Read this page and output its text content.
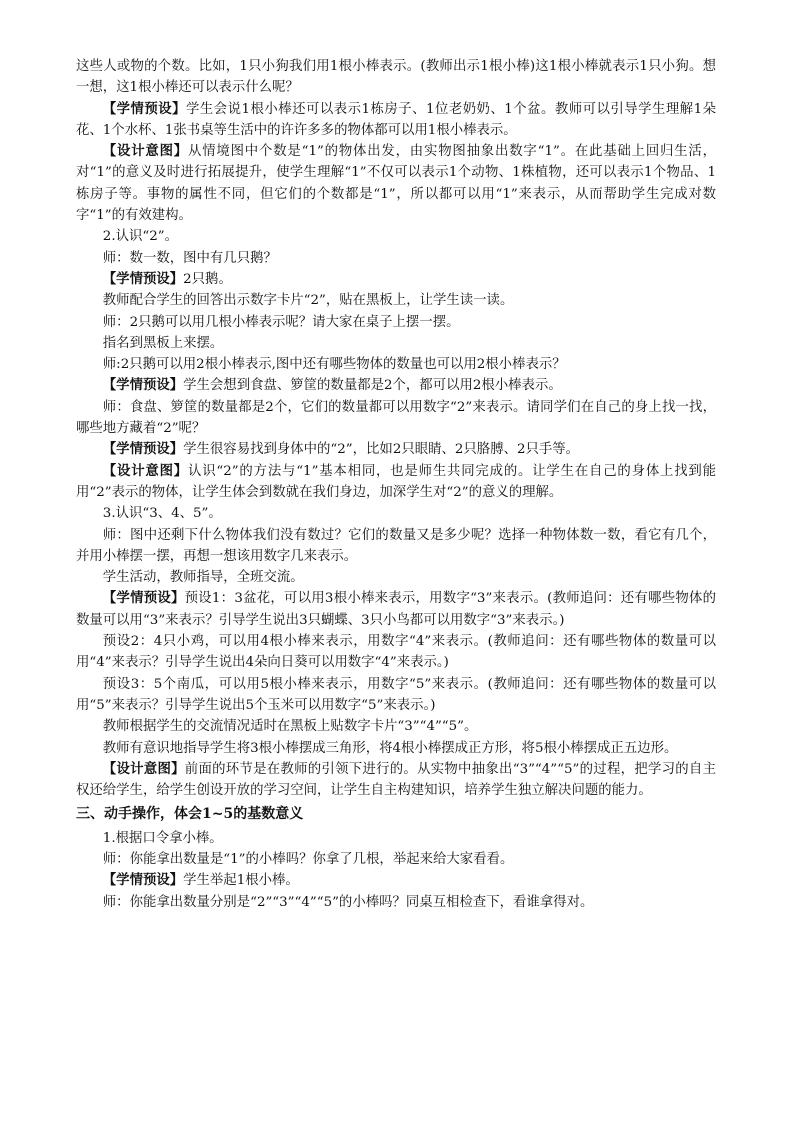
这些人或物的个数。比如，1只小狗我们用1根小棒表示。(教师出示1根小棒)这1根小棒就表示1只小狗。想一想，这1根小棒还可以表示什么呢？

【学情预设】学生会说1根小棒还可以表示1栋房子、1位老奶奶、1个盆。教师可以引导学生理解1朵花、1个水杯、1张书桌等生活中的许许多多的物体都可以用1根小棒表示。

【设计意图】从情境图中个数是“1”的物体出发，由实物图抽象出数字“1”。在此基础上回归生活，对“1”的意义及时进行拓展提升，使学生理解“1”不仅可以表示1个动物、1株植物，还可以表示1个物品、1栋房子等。事物的属性不同，但它们的个数都是“1”，所以都可以用“1”来表示，从而帮助学生完成对数字“1”的有效建构。

2.认识“2”。

师：数一数，图中有几只鹅？

【学情预设】2只鹅。

教师配合学生的回答出示数字卡片“2”，贴在黑板上，让学生读一读。

师：2只鹅可以用几根小棒表示呢？请大家在桌子上摆一摆。

指名到黑板上来摆。

师:2只鹅可以用2根小棒表示,图中还有哪些物体的数量也可以用2根小棒表示？

【学情预设】学生会想到食盘、箩筐的数量都是2个，都可以用2根小棒表示。

师：食盘、箩筐的数量都是2个，它们的数量都可以用数字“2”来表示。请同学们在自己的身上找一找，哪些地方藏着“2”呢？

【学情预设】学生很容易找到身体中的“2”，比如2只眼睛、2只胳膊、2只手等。

【设计意图】认识“2”的方法与“1”基本相同，也是师生共同完成的。让学生在自己的身体上找到能用“2”表示的物体，让学生体会到数就在我们身边，加深学生对“2”的意义的理解。

3.认识“3、4、5”。

师：图中还剩下什么物体我们没有数过？它们的数量又是多少呢？选择一种物体数一数，看它有几个，并用小棒摆一摆，再想一想该用数字几来表示。

学生活动，教师指导，全班交流。

【学情预设】预设1：3盆花，可以用3根小棒来表示，用数字“3”来表示。(教师追问：还有哪些物体的数量可以用“3”来表示？引导学生说出3只蝴蝶、3只小鸟都可以用数字“3”来表示。)

预设2：4只小鸡，可以用4根小棒来表示，用数字“4”来表示。(教师追问：还有哪些物体的数量可以用“4”来表示？引导学生说出4朵向日葵可以用数字“4”来表示。)

预设3：5个南瓜，可以用5根小棒来表示，用数字“5”来表示。(教师追问：还有哪些物体的数量可以用“5”来表示？引导学生说出5个玉米可以用数字“5”来表示。)

教师根据学生的交流情况适时在黑板上贴数字卡片“3”“4”“5”。

教师有意识地指导学生将3根小棒摆成三角形，将4根小棒摆成正方形，将5根小棒摆成正五边形。

【设计意图】前面的环节是在教师的引领下进行的。从实物中抽象出“3”“4”“5”的过程，把学习的自主权还给学生，给学生创设开放的学习空间，让学生自主构建知识，培养学生独立解决问题的能力。

三、动手操作，体会1~5的基数意义

1.根据口令拿小棒。

师：你能拿出数量是“1”的小棒吗？你拿了几根，举起来给大家看看。

【学情预设】学生举起1根小棒。

师：你能拿出数量分别是“2”“3”“4”“5”的小棒吗？同桌互相检查下，看谁拿得对。
